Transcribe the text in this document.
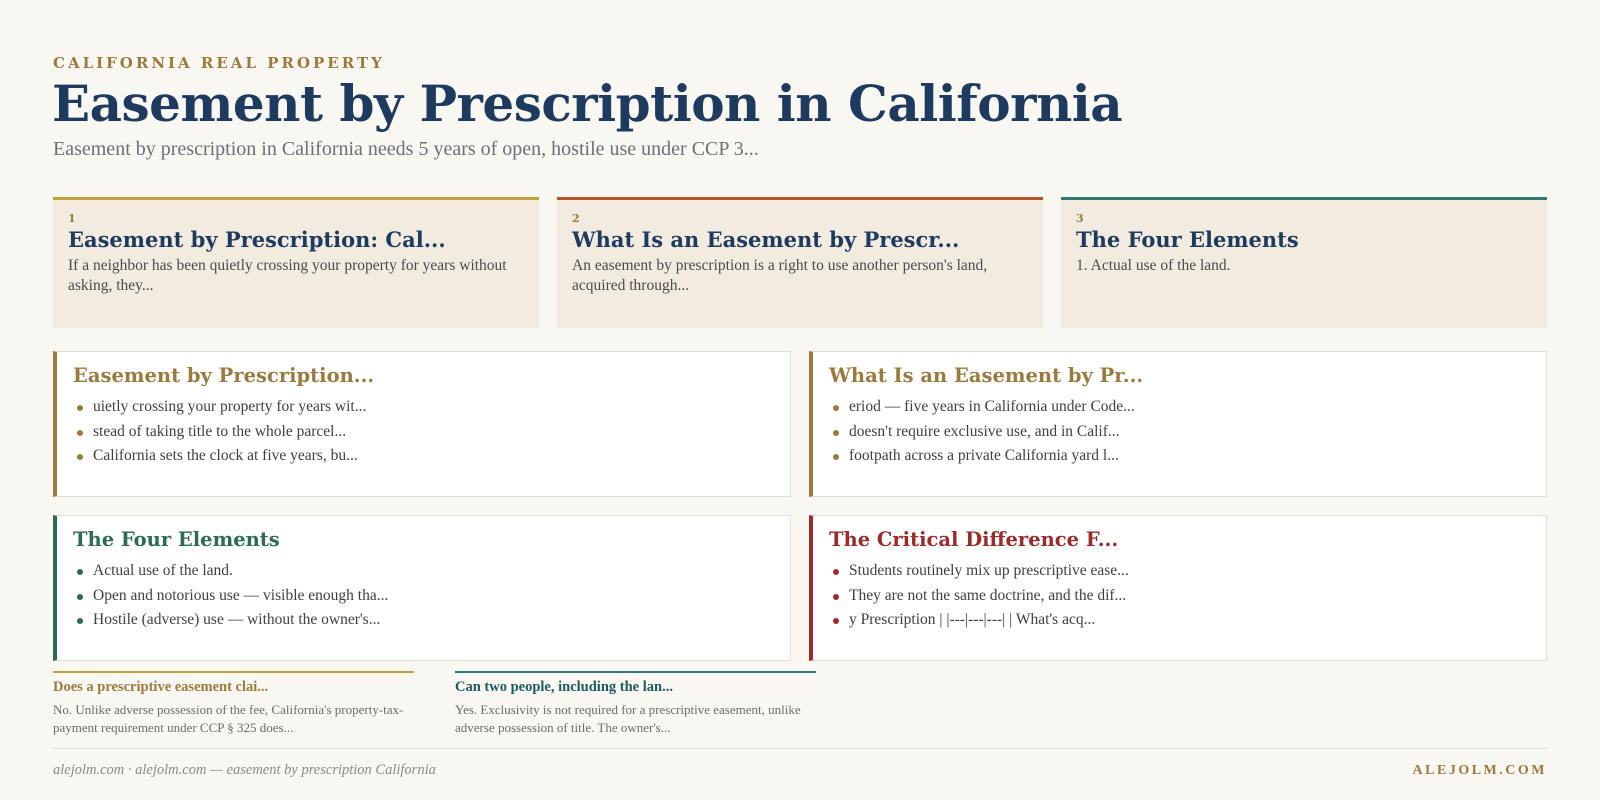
CALIFORNIA REAL PROPERTY
Easement by Prescription in California
Easement by prescription in California needs 5 years of open, hostile use under CCP 3...
1
Easement by Prescription: Cal...
If a neighbor has been quietly crossing your property for years without asking, they...
2
What Is an Easement by Prescr...
An easement by prescription is a right to use another person's land, acquired through...
3
The Four Elements
1. Actual use of the land.
Easement by Prescription...
uietly crossing your property for years wit...
stead of taking title to the whole parcel...
California sets the clock at five years, bu...
What Is an Easement by Pr...
eriod — five years in California under Code...
doesn't require exclusive use, and in Calif...
footpath across a private California yard l...
The Four Elements
Actual use of the land.
Open and notorious use — visible enough tha...
Hostile (adverse) use — without the owner's...
The Critical Difference F...
Students routinely mix up prescriptive ease...
They are not the same doctrine, and the dif...
y Prescription | |---|---|---| | What's acq...
Does a prescriptive easement clai...
No. Unlike adverse possession of the fee, California's property-tax-payment requirement under CCP § 325 does...
Can two people, including the lan...
Yes. Exclusivity is not required for a prescriptive easement, unlike adverse possession of title. The owner's...
alejolm.com · alejolm.com — easement by prescription California	ALEJOLM.COM
